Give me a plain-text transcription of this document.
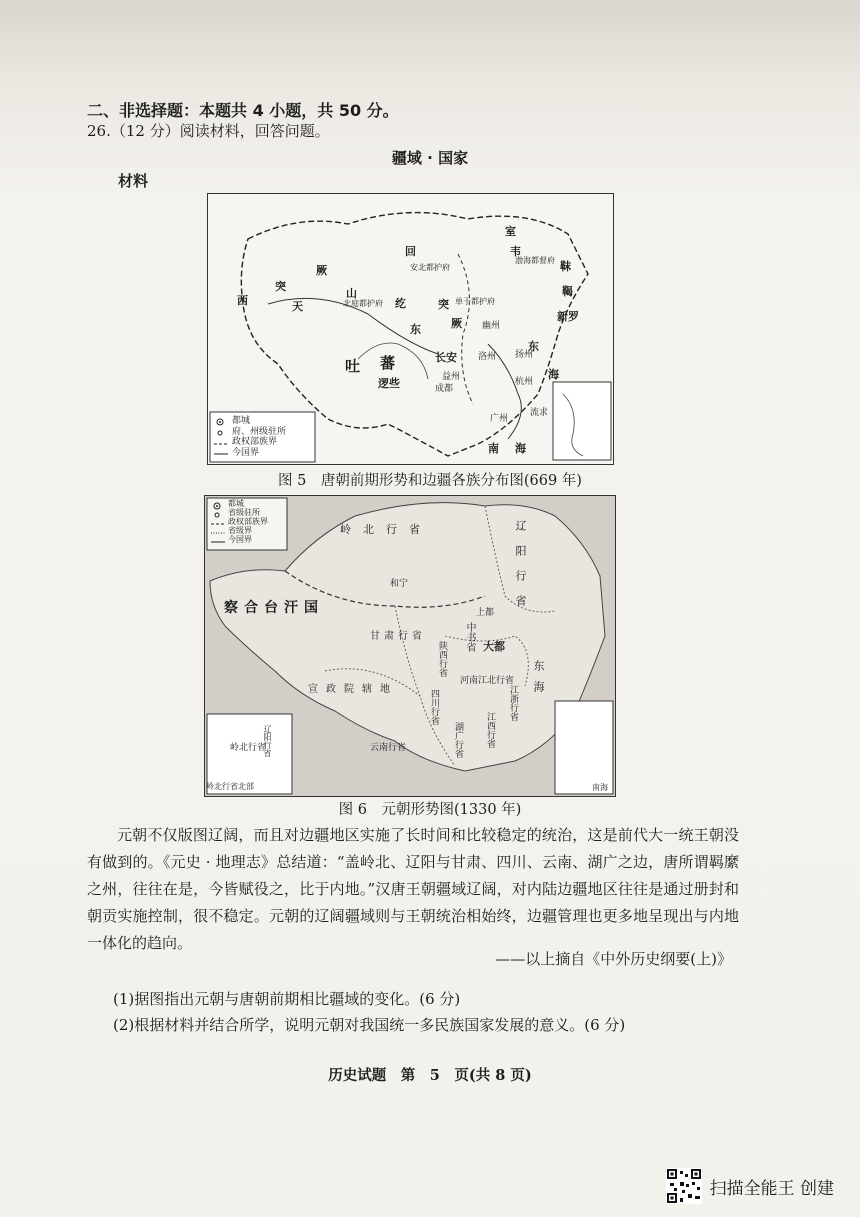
二、非选择题：本题共 4 小题，共 50 分。
26.（12 分）阅读材料，回答问题。
疆域 · 国家
材料
都城
府、州级驻所
政权部族界
今国界
室
回
纥
韦
靺
鞨
西
突
厥
天
山
东
突
厥
吐 蕃
逻些
长安 洛州 扬州
益州
成都
杭州
广州
安北都护府
北庭都护府
渤海都督府
单于都护府
幽州
新罗
东
海
南 海
流求
图 5　唐朝前期形势和边疆各族分布图(669 年)
都城
省级驻所
政权部族界
省级界
今国界
岭北行省	辽阳行省
和宁
察合台汗国
甘肃行省	中书省
上都
大都
陕西行省
河南江北行省
宣政院辖地	四川行省	江浙行省
江西行省
湖广行省
云南行省
东海
岭北行省
辽阳行省
岭北行省北部	南海
图 6　元朝形势图(1330 年)
元朝不仅版图辽阔，而且对边疆地区实施了长时间和比较稳定的统治，这是前代大一统王朝没有做到的。《元史 · 地理志》总结道：“盖岭北、辽阳与甘肃、四川、云南、湖广之边，唐所谓羁縻之州，往往在是，今皆赋役之，比于内地。”汉唐王朝疆域辽阔，对内陆边疆地区往往是通过册封和朝贡实施控制，很不稳定。元朝的辽阔疆域则与王朝统治相始终，边疆管理也更多地呈现出与内地一体化的趋向。
——以上摘自《中外历史纲要(上)》
(1)据图指出元朝与唐朝前期相比疆域的变化。(6 分)
(2)根据材料并结合所学，说明元朝对我国统一多民族国家发展的意义。(6 分)
历史试题　第　5　页(共 8 页)
扫描全能王 创建
